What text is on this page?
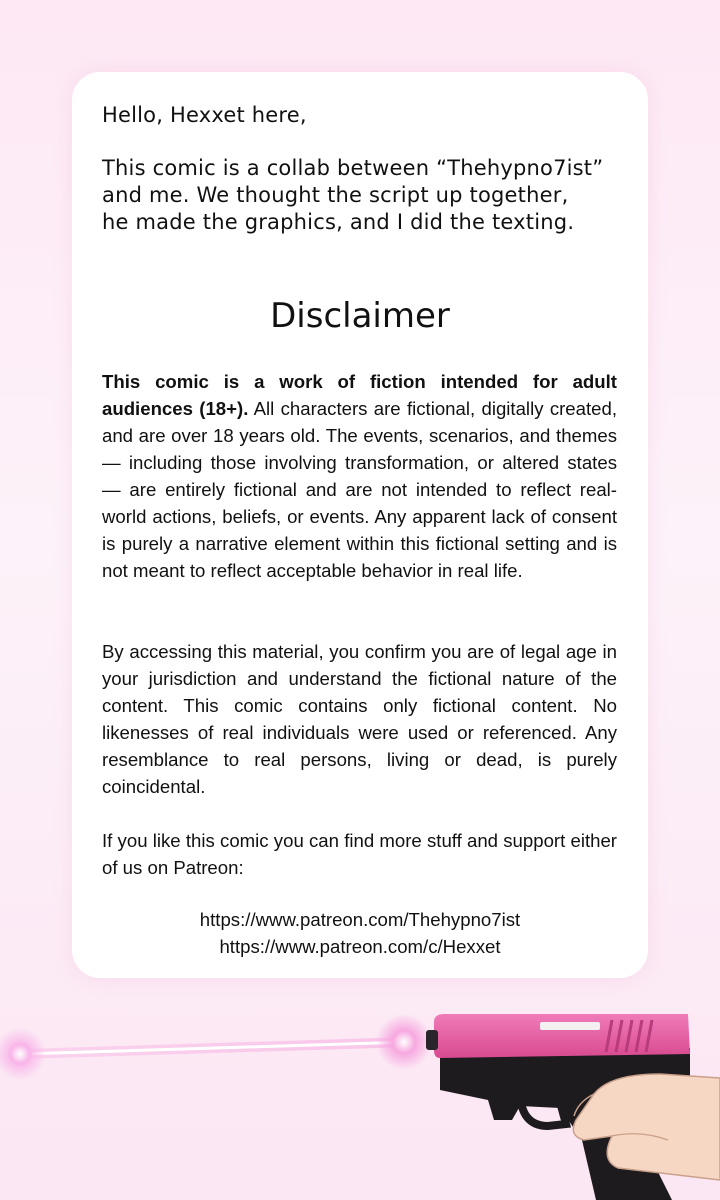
Hello, Hexxet here,

This comic is a collab between “Thehypno7ist”

and me. We thought the script up together,

he made the graphics, and I did the texting.

Disclaimer

This comic is a work of fiction intended for adult audiences (18+). All characters are fictional, digitally created, and are over 18 years old. The events, scenarios, and themes — including those involving transformation, or altered states — are entirely fictional and are not intended to reflect real-world actions, beliefs, or events. Any apparent lack of consent is purely a narrative element within this fictional setting and is not meant to reflect acceptable behavior in real life.

By accessing this material, you confirm you are of legal age in your jurisdiction and understand the fictional nature of the content. This comic contains only fictional content. No likenesses of real individuals were used or referenced. Any resemblance to real persons, living or dead, is purely coincidental.

If you like this comic you can find more stuff and support either of us on Patreon:

https://www.patreon.com/Thehypno7ist
https://www.patreon.com/c/Hexxet
